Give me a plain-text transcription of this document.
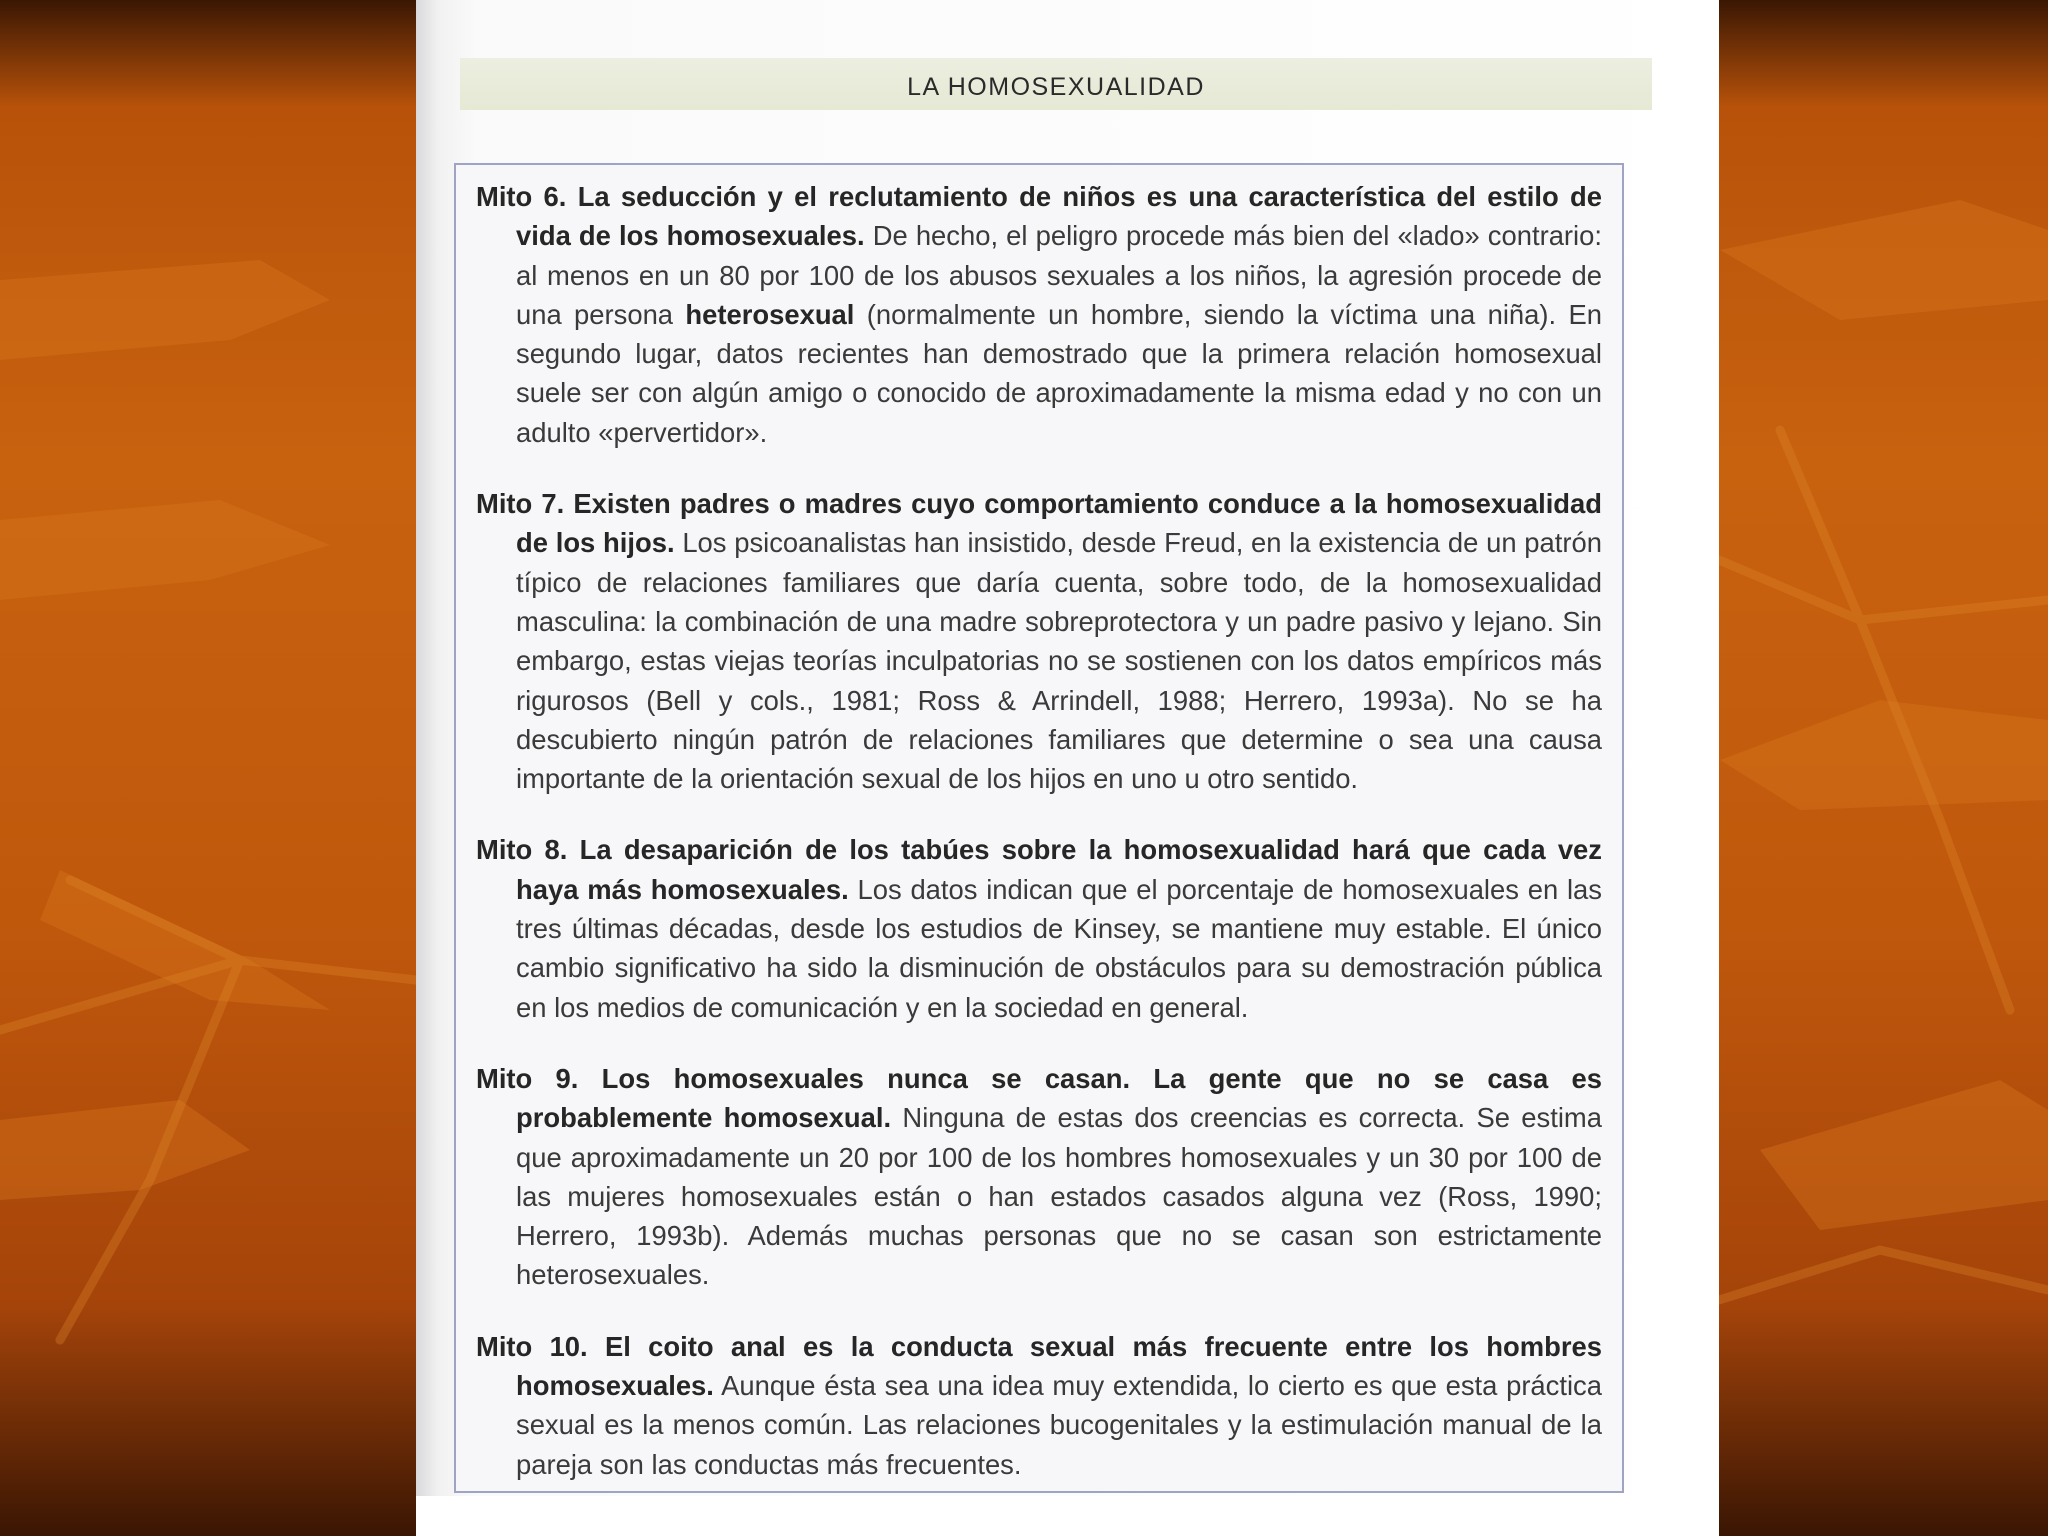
LA HOMOSEXUALIDAD

Mito 6. La seducción y el reclutamiento de niños es una característica del estilo de vida de los homosexuales. De hecho, el peligro procede más bien del «lado» contrario: al menos en un 80 por 100 de los abusos sexuales a los niños, la agresión procede de una persona heterosexual (normalmente un hombre, siendo la víctima una niña). En segundo lugar, datos recientes han demostrado que la primera relación homosexual suele ser con algún amigo o conocido de aproximadamente la misma edad y no con un adulto «pervertidor».

Mito 7. Existen padres o madres cuyo comportamiento conduce a la homosexualidad de los hijos. Los psicoanalistas han insistido, desde Freud, en la existencia de un patrón típico de relaciones familiares que daría cuenta, sobre todo, de la homosexualidad masculina: la combinación de una madre sobreprotectora y un padre pasivo y lejano. Sin embargo, estas viejas teorías inculpatorias no se sostienen con los datos empíricos más rigurosos (Bell y cols., 1981; Ross & Arrindell, 1988; Herrero, 1993a). No se ha descubierto ningún patrón de relaciones familiares que determine o sea una causa importante de la orientación sexual de los hijos en uno u otro sentido.

Mito 8. La desaparición de los tabúes sobre la homosexualidad hará que cada vez haya más homosexuales. Los datos indican que el porcentaje de homosexuales en las tres últimas décadas, desde los estudios de Kinsey, se mantiene muy estable. El único cambio significativo ha sido la disminución de obstáculos para su demostración pública en los medios de comunicación y en la sociedad en general.

Mito 9. Los homosexuales nunca se casan. La gente que no se casa es probablemente homosexual. Ninguna de estas dos creencias es correcta. Se estima que aproximadamente un 20 por 100 de los hombres homosexuales y un 30 por 100 de las mujeres homosexuales están o han estados casados alguna vez (Ross, 1990; Herrero, 1993b). Además muchas personas que no se casan son estrictamente heterosexuales.

Mito 10. El coito anal es la conducta sexual más frecuente entre los hombres homosexuales. Aunque ésta sea una idea muy extendida, lo cierto es que esta práctica sexual es la menos común. Las relaciones bucogenitales y la estimulación manual de la pareja son las conductas más frecuentes.
